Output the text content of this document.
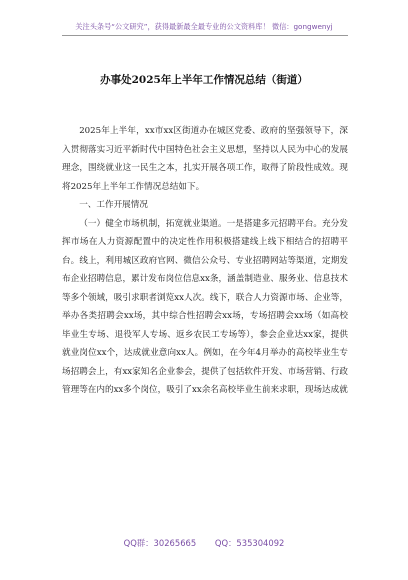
关注头条号“公文研究”，获得最新最全最专业的公文资料库！ 微信：gongwenyj
办事处2025年上半年工作情况总结（街道）

2025年上半年，xx市xx区街道办在城区党委、政府的坚强领导下，深入贯彻落实习近平新时代中国特色社会主义思想，坚持以人民为中心的发展理念，围绕就业这一民生之本，扎实开展各项工作，取得了阶段性成效。现将2025年上半年工作情况总结如下。

一、工作开展情况

（一）健全市场机制，拓宽就业渠道。一是搭建多元招聘平台。充分发挥市场在人力资源配置中的决定性作用积极搭建线上线下相结合的招聘平台。线上，利用城区政府官网、微信公众号、专业招聘网站等渠道，定期发布企业招聘信息，累计发布岗位信息xx条，涵盖制造业、服务业、信息技术等多个领域，吸引求职者浏览xx人次。线下，联合人力资源市场、企业等，举办各类招聘会xx场，其中综合性招聘会xx场，专场招聘会xx场（如高校毕业生专场、退役军人专场、返乡农民工专场等），参会企业达xx家，提供就业岗位xx个，达成就业意向xx人。例如，在今年4月举办的高校毕业生专场招聘会上，有xx家知名企业参会，提供了包括软件开发、市场营销、行政管理等在内的xx多个岗位，吸引了xx余名高校毕业生前来求职，现场达成就

QQ群：30265665 QQ：535304092
